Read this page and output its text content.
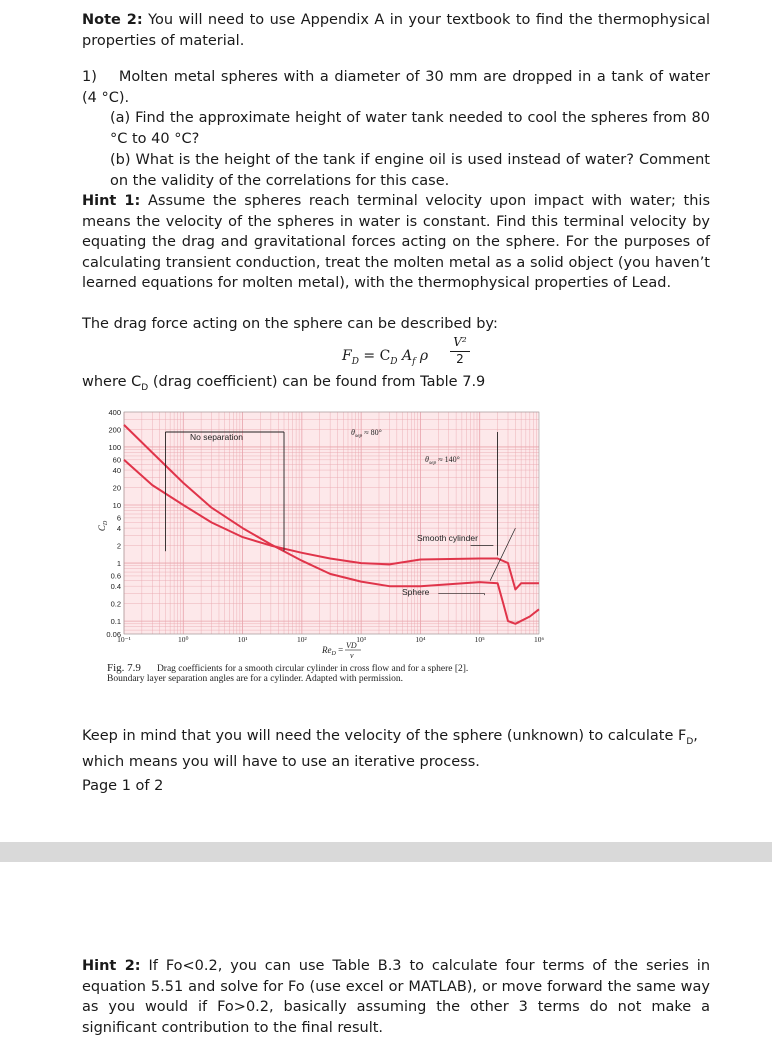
Note 2: You will need to use Appendix A in your textbook to find the thermophysical properties of material.

1) Molten metal spheres with a diameter of 30 mm are dropped in a tank of water (4 °C).

(a) Find the approximate height of water tank needed to cool the spheres from 80 °C to 40 °C?

(b) What is the height of the tank if engine oil is used instead of water? Comment on the validity of the correlations for this case.

Hint 1: Assume the spheres reach terminal velocity upon impact with water; this means the velocity of the spheres in water is constant. Find this terminal velocity by equating the drag and gravitational forces acting on the sphere. For the purposes of calculating transient conduction, treat the molten metal as a solid object (you haven’t learned equations for molten metal), with the thermophysical properties of Lead.

The drag force acting on the sphere can be described by:

$F_D = C_D$ $A_f$ ρ
V²
2

where $C_D$ (drag coefficient) can be found from Table 7.9

400
200
100
60
40
20
10
6
4
2
1
0.6
0.4
0.2
0.1
0.06
10⁻¹	10⁰	10¹	10²	10³	10⁴	10⁵	10⁶
No separation	$\theta_{sep} \approx 80^\circ$
$\theta_{sep} \approx 140^\circ$
Smooth cylinder
Sphere
$C_D$
$Re_D$ = VD
ν
Fig. 7.9 Drag coefficients for a smooth circular cylinder in cross flow and for a sphere [2].
Boundary layer separation angles are for a cylinder. Adapted with permission.

Keep in mind that you will need the velocity of the sphere (unknown) to calculate $F_D$,
which means you will have to use an iterative process.

Page 1 of 2

Hint 2: If Fo<0.2, you can use Table B.3 to calculate four terms of the series in equation 5.51 and solve for Fo (use excel or MATLAB), or move forward the same way as you would if Fo>0.2, basically assuming the other 3 terms do not make a significant contribution to the final result.
